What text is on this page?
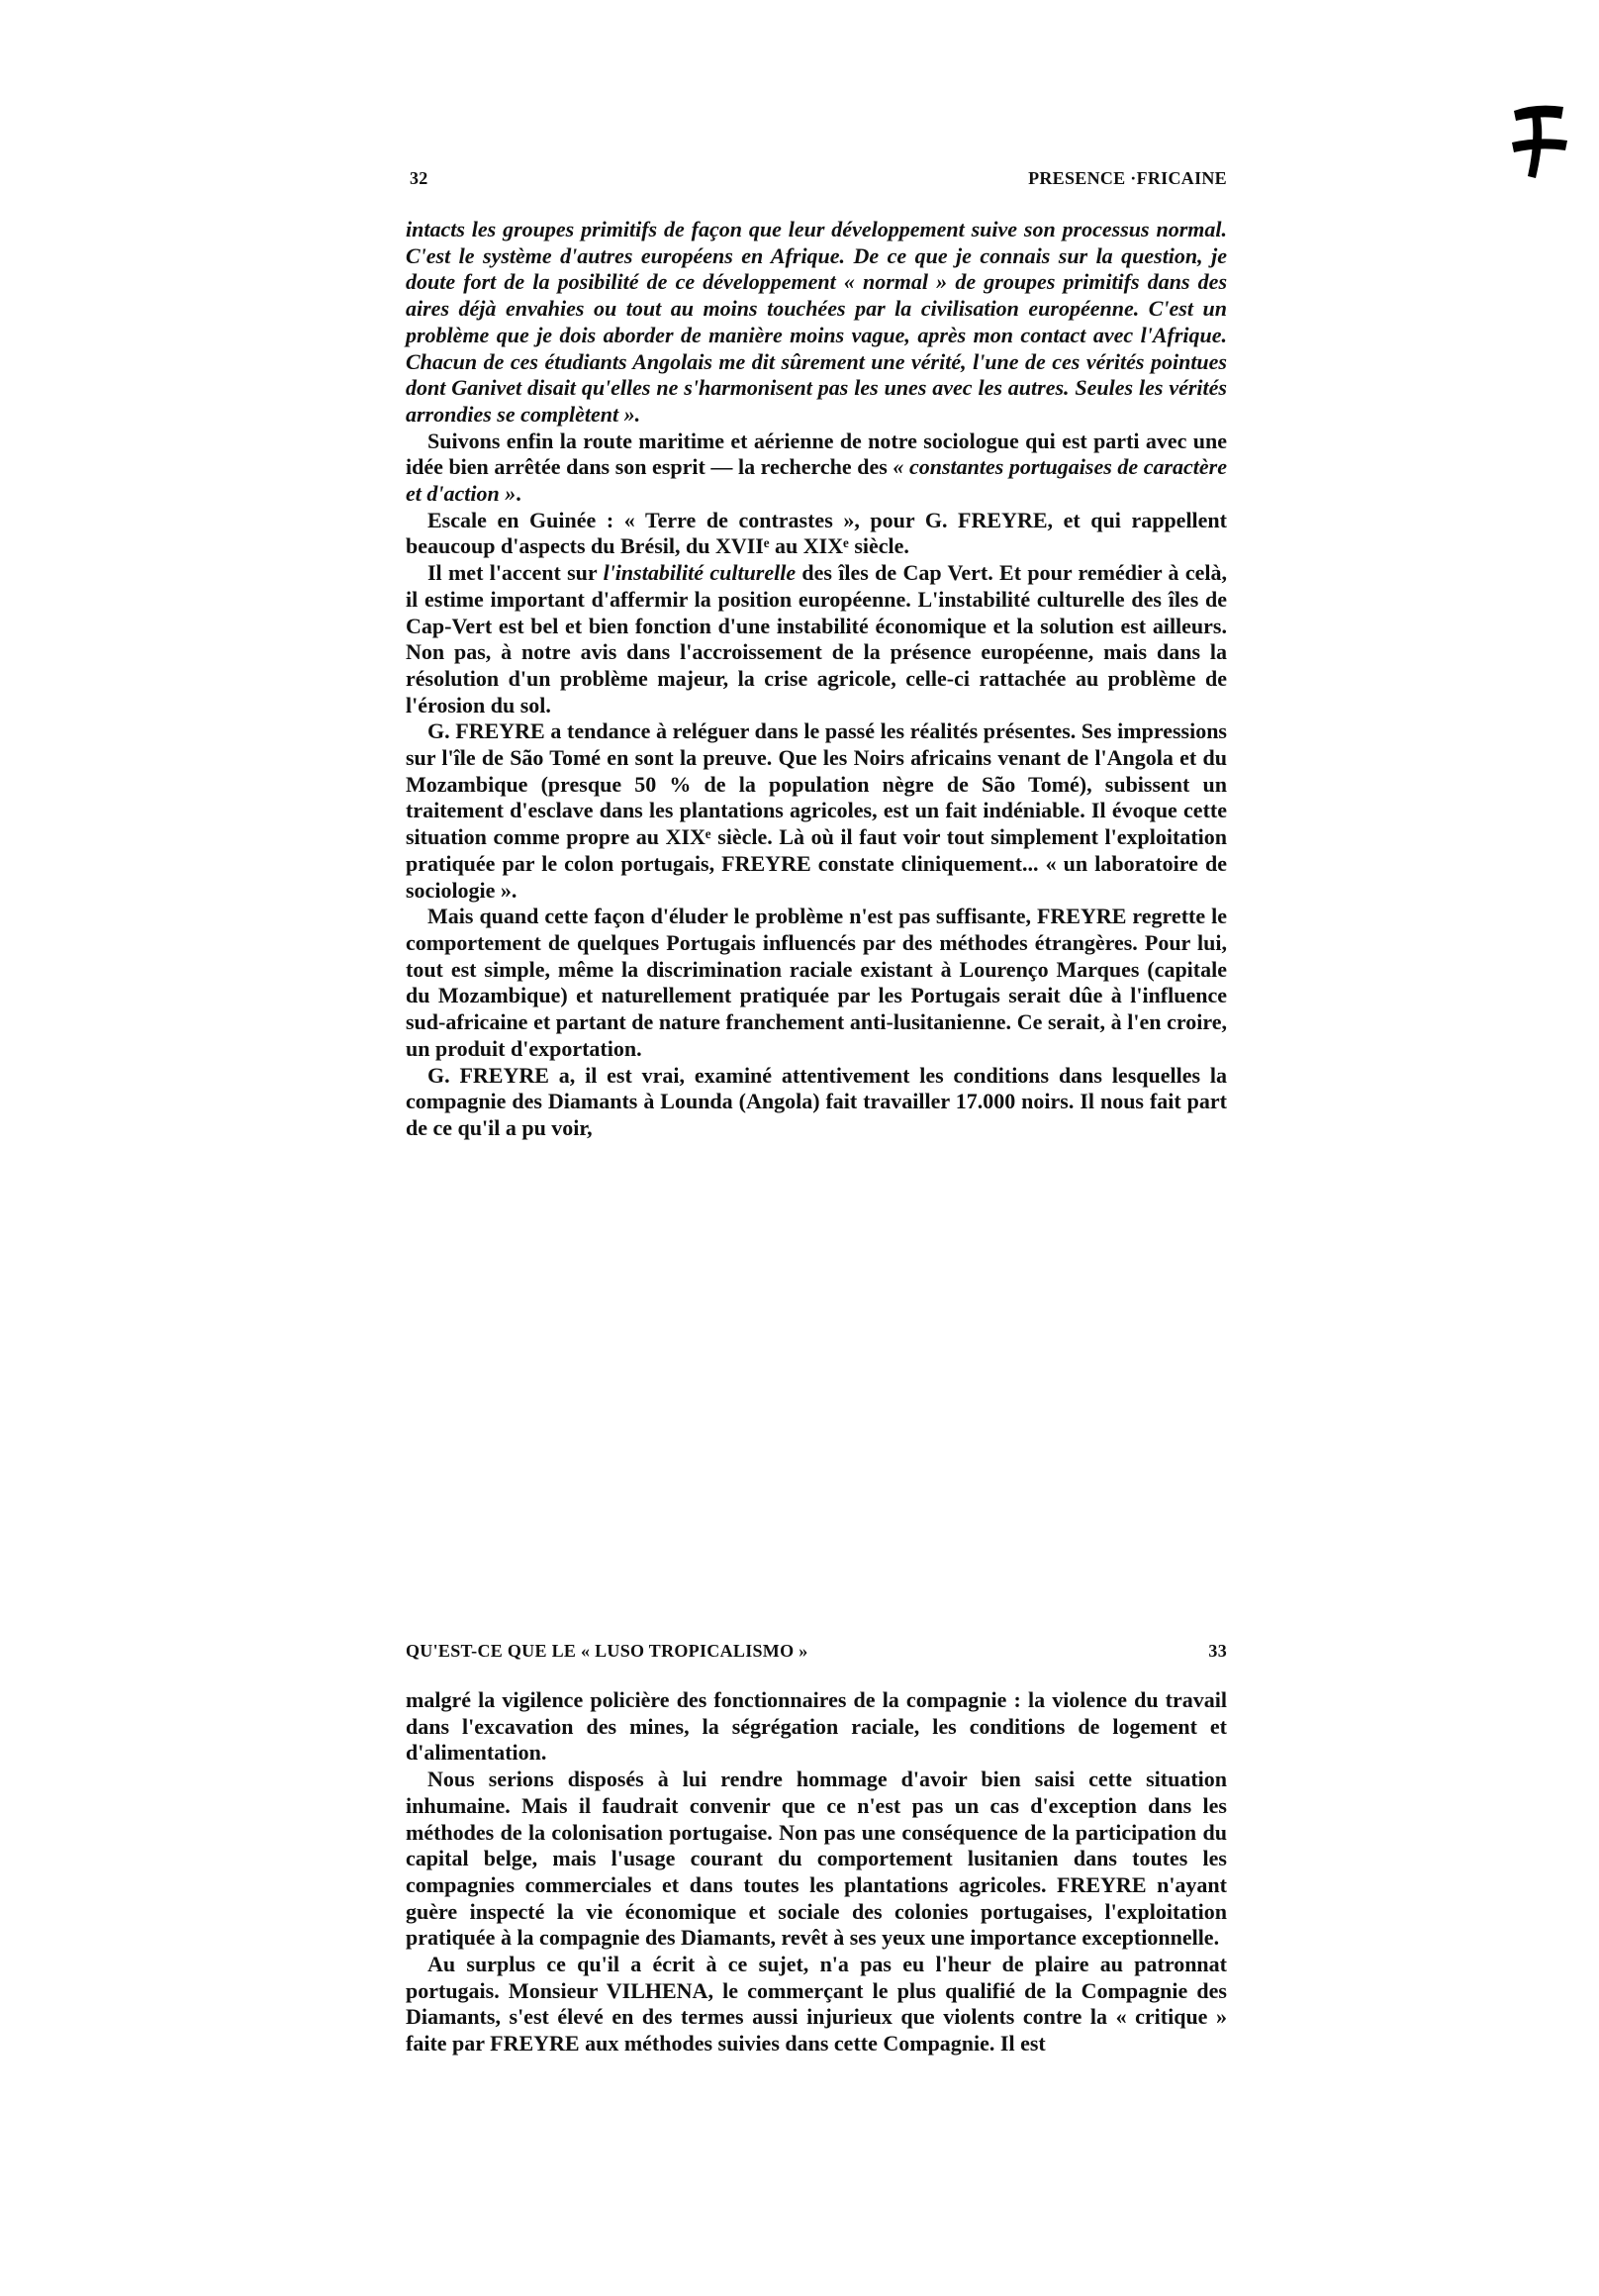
32	PRESENCE ·FRICAINE

intacts les groupes primitifs de façon que leur développement suive son processus normal. C'est le système d'autres européens en Afrique. De ce que je connais sur la question, je doute fort de la posibilité de ce développement « normal » de groupes primitifs dans des aires déjà envahies ou tout au moins touchées par la civilisation européenne. C'est un problème que je dois aborder de manière moins vague, après mon contact avec l'Afrique. Chacun de ces étudiants Angolais me dit sûrement une vérité, l'une de ces vérités pointues dont Ganivet disait qu'elles ne s'harmonisent pas les unes avec les autres. Seules les vérités arrondies se complètent ».

Suivons enfin la route maritime et aérienne de notre sociologue qui est parti avec une idée bien arrêtée dans son esprit — la recherche des « constantes portugaises de caractère et d'action ».

Escale en Guinée : « Terre de contrastes », pour G. FREYRE, et qui rappellent beaucoup d'aspects du Brésil, du XVIIᵉ au XIXᵉ siècle.

Il met l'accent sur l'instabilité culturelle des îles de Cap Vert. Et pour remédier à celà, il estime important d'affermir la position européenne. L'instabilité culturelle des îles de Cap-Vert est bel et bien fonction d'une instabilité économique et la solution est ailleurs. Non pas, à notre avis dans l'accroissement de la présence européenne, mais dans la résolution d'un problème majeur, la crise agricole, celle-ci rattachée au problème de l'érosion du sol.

G. FREYRE a tendance à reléguer dans le passé les réalités présentes. Ses impressions sur l'île de São Tomé en sont la preuve. Que les Noirs africains venant de l'Angola et du Mozambique (presque 50 % de la population nègre de São Tomé), subissent un traitement d'esclave dans les plantations agricoles, est un fait indéniable. Il évoque cette situation comme propre au XIXᵉ siècle. Là où il faut voir tout simplement l'exploitation pratiquée par le colon portugais, FREYRE constate cliniquement... « un laboratoire de sociologie ».

Mais quand cette façon d'éluder le problème n'est pas suffisante, FREYRE regrette le comportement de quelques Portugais influencés par des méthodes étrangères. Pour lui, tout est simple, même la discrimination raciale existant à Lourenço Marques (capitale du Mozambique) et naturellement pratiquée par les Portugais serait dûe à l'influence sud-africaine et partant de nature franchement anti-lusitanienne. Ce serait, à l'en croire, un produit d'exportation.

G. FREYRE a, il est vrai, examiné attentivement les conditions dans lesquelles la compagnie des Diamants à Lounda (Angola) fait travailler 17.000 noirs. Il nous fait part de ce qu'il a pu voir,

QU'EST-CE QUE LE « LUSO TROPICALISMO »	33

malgré la vigilence policière des fonctionnaires de la compagnie : la violence du travail dans l'excavation des mines, la ségrégation raciale, les conditions de logement et d'alimentation.

Nous serions disposés à lui rendre hommage d'avoir bien saisi cette situation inhumaine. Mais il faudrait convenir que ce n'est pas un cas d'exception dans les méthodes de la colonisation portugaise. Non pas une conséquence de la participation du capital belge, mais l'usage courant du comportement lusitanien dans toutes les compagnies commerciales et dans toutes les plantations agricoles. FREYRE n'ayant guère inspecté la vie économique et sociale des colonies portugaises, l'exploitation pratiquée à la compagnie des Diamants, revêt à ses yeux une importance exceptionnelle.

Au surplus ce qu'il a écrit à ce sujet, n'a pas eu l'heur de plaire au patronnat portugais. Monsieur VILHENA, le commerçant le plus qualifié de la Compagnie des Diamants, s'est élevé en des termes aussi injurieux que violents contre la « critique » faite par FREYRE aux méthodes suivies dans cette Compagnie. Il est
